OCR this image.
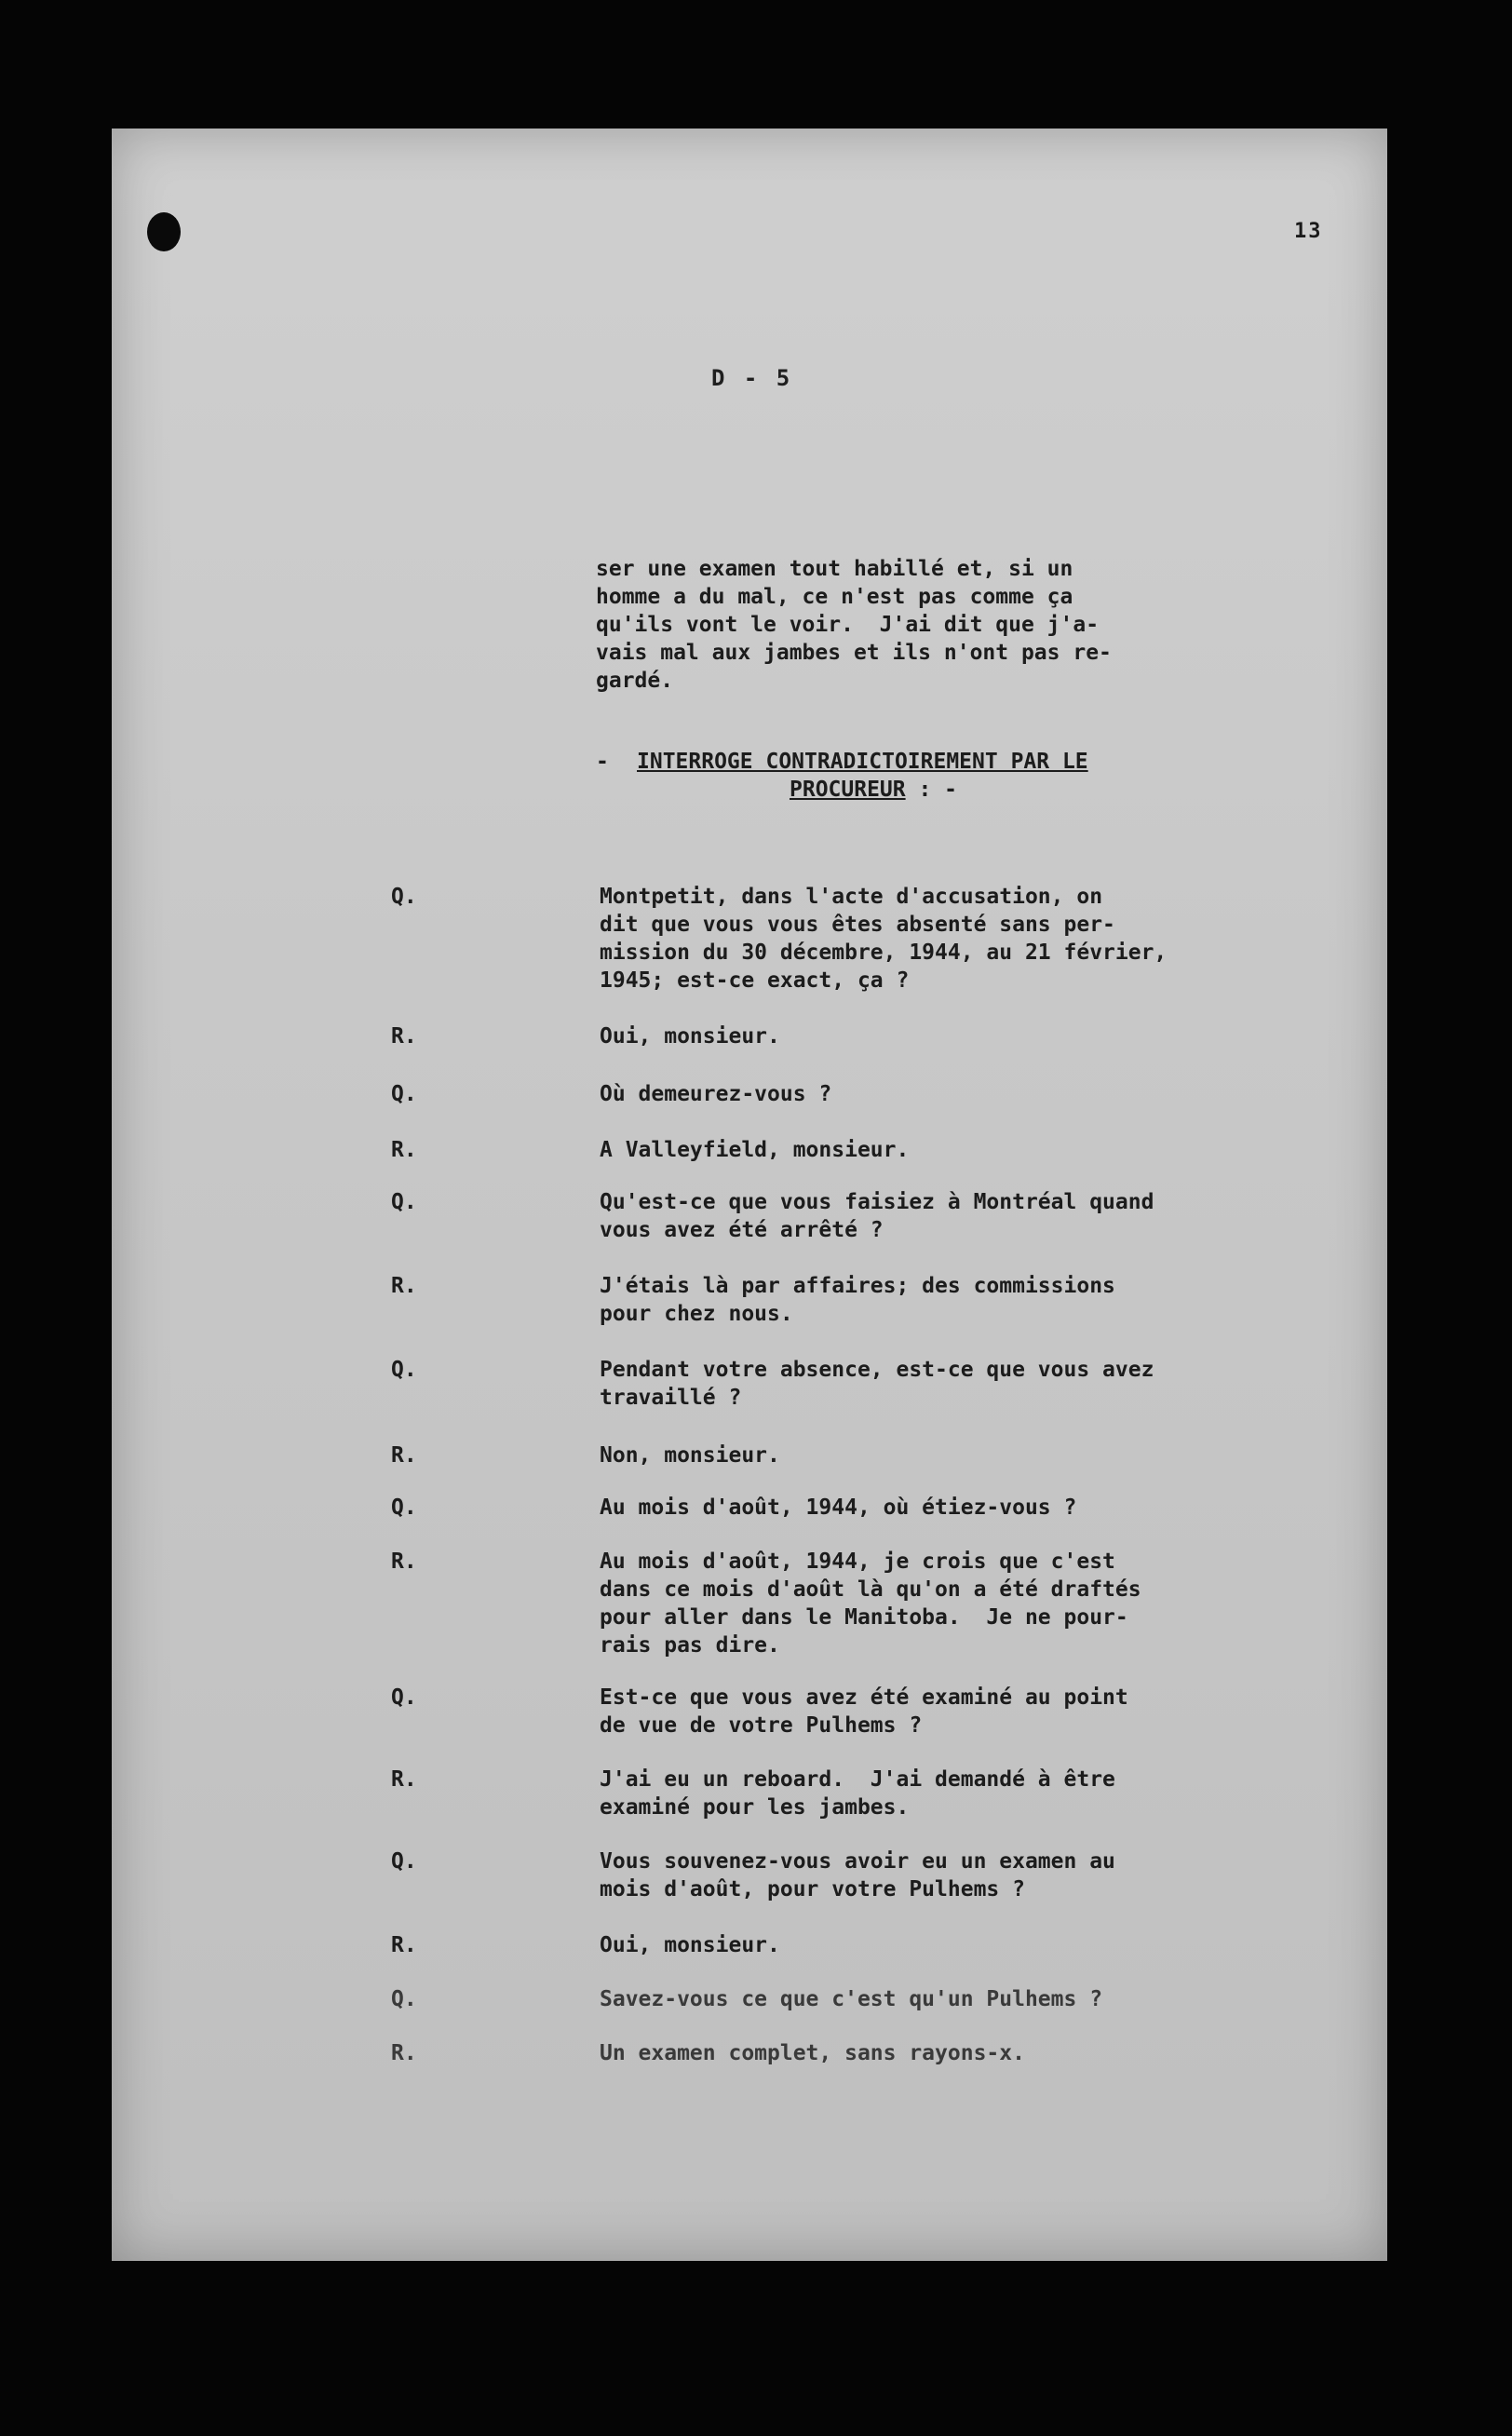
13
D - 5
ser une examen tout habillé et, si un
homme a du mal, ce n'est pas comme ça
qu'ils vont le voir.  J'ai dit que j'a-
vais mal aux jambes et ils n'ont pas re-
gardé.
- INTERROGE CONTRADICTOIREMENT PAR LE
PROCUREUR : -
Q.	Montpetit, dans l'acte d'accusation, on
dit que vous vous êtes absenté sans per-
mission du 30 décembre, 1944, au 21 février,
1945; est-ce exact, ça ?
R.	Oui, monsieur.
Q.	Où demeurez-vous ?
R.	A Valleyfield, monsieur.
Q.	Qu'est-ce que vous faisiez à Montréal quand
vous avez été arrêté ?
R.	J'étais là par affaires; des commissions
pour chez nous.
Q.	Pendant votre absence, est-ce que vous avez
travaillé ?
R.	Non, monsieur.
Q.	Au mois d'août, 1944, où étiez-vous ?
R.	Au mois d'août, 1944, je crois que c'est
dans ce mois d'août là qu'on a été draftés
pour aller dans le Manitoba.  Je ne pour-
rais pas dire.
Q.	Est-ce que vous avez été examiné au point
de vue de votre Pulhems ?
R.	J'ai eu un reboard.  J'ai demandé à être
examiné pour les jambes.
Q.	Vous souvenez-vous avoir eu un examen au
mois d'août, pour votre Pulhems ?
R.	Oui, monsieur.
Q.	Savez-vous ce que c'est qu'un Pulhems ?
R.	Un examen complet, sans rayons-x.
